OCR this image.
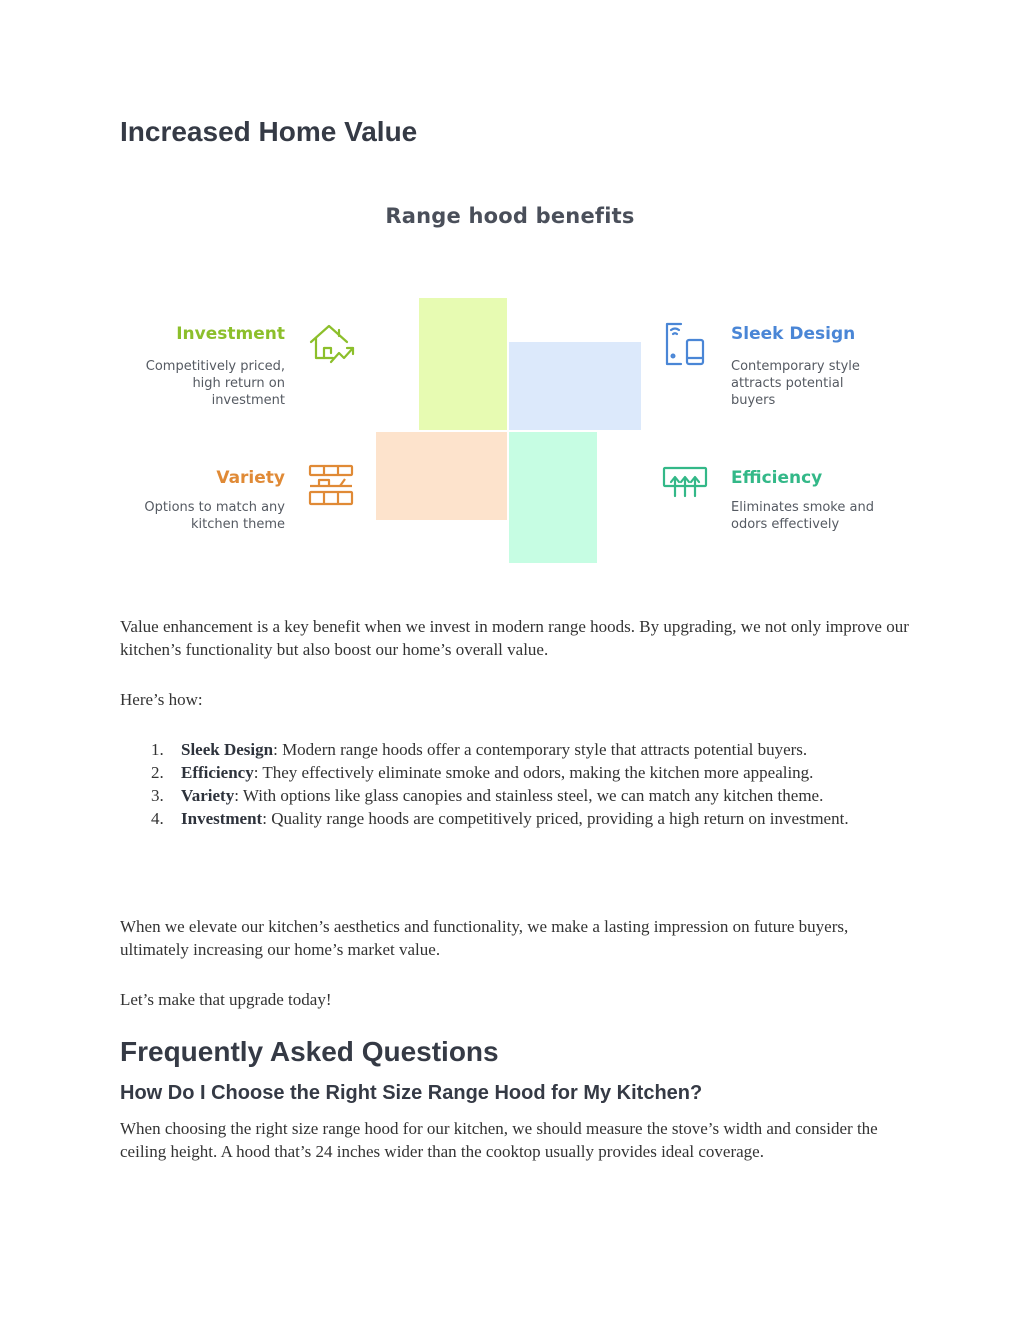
Increased Home Value
Range hood benefits
Investment
Competitively priced,
high return on
investment
Variety
Options to match any
kitchen theme
Sleek Design
Contemporary style
attracts potential
buyers
Efficiency
Eliminates smoke and
odors effectively

Value enhancement is a key benefit when we invest in modern range hoods. By upgrading, we not only improve our kitchen’s functionality but also boost our home’s overall value.

Here’s how:

1. Sleek Design: Modern range hoods offer a contemporary style that attracts potential buyers.
2. Efficiency: They effectively eliminate smoke and odors, making the kitchen more appealing.
3. Variety: With options like glass canopies and stainless steel, we can match any kitchen theme.
4. Investment: Quality range hoods are competitively priced, providing a high return on investment.

When we elevate our kitchen’s aesthetics and functionality, we make a lasting impression on future buyers, ultimately increasing our home’s market value.

Let’s make that upgrade today!

Frequently Asked Questions
How Do I Choose the Right Size Range Hood for My Kitchen?

When choosing the right size range hood for our kitchen, we should measure the stove’s width and consider the ceiling height. A hood that’s 24 inches wider than the cooktop usually provides ideal coverage.
